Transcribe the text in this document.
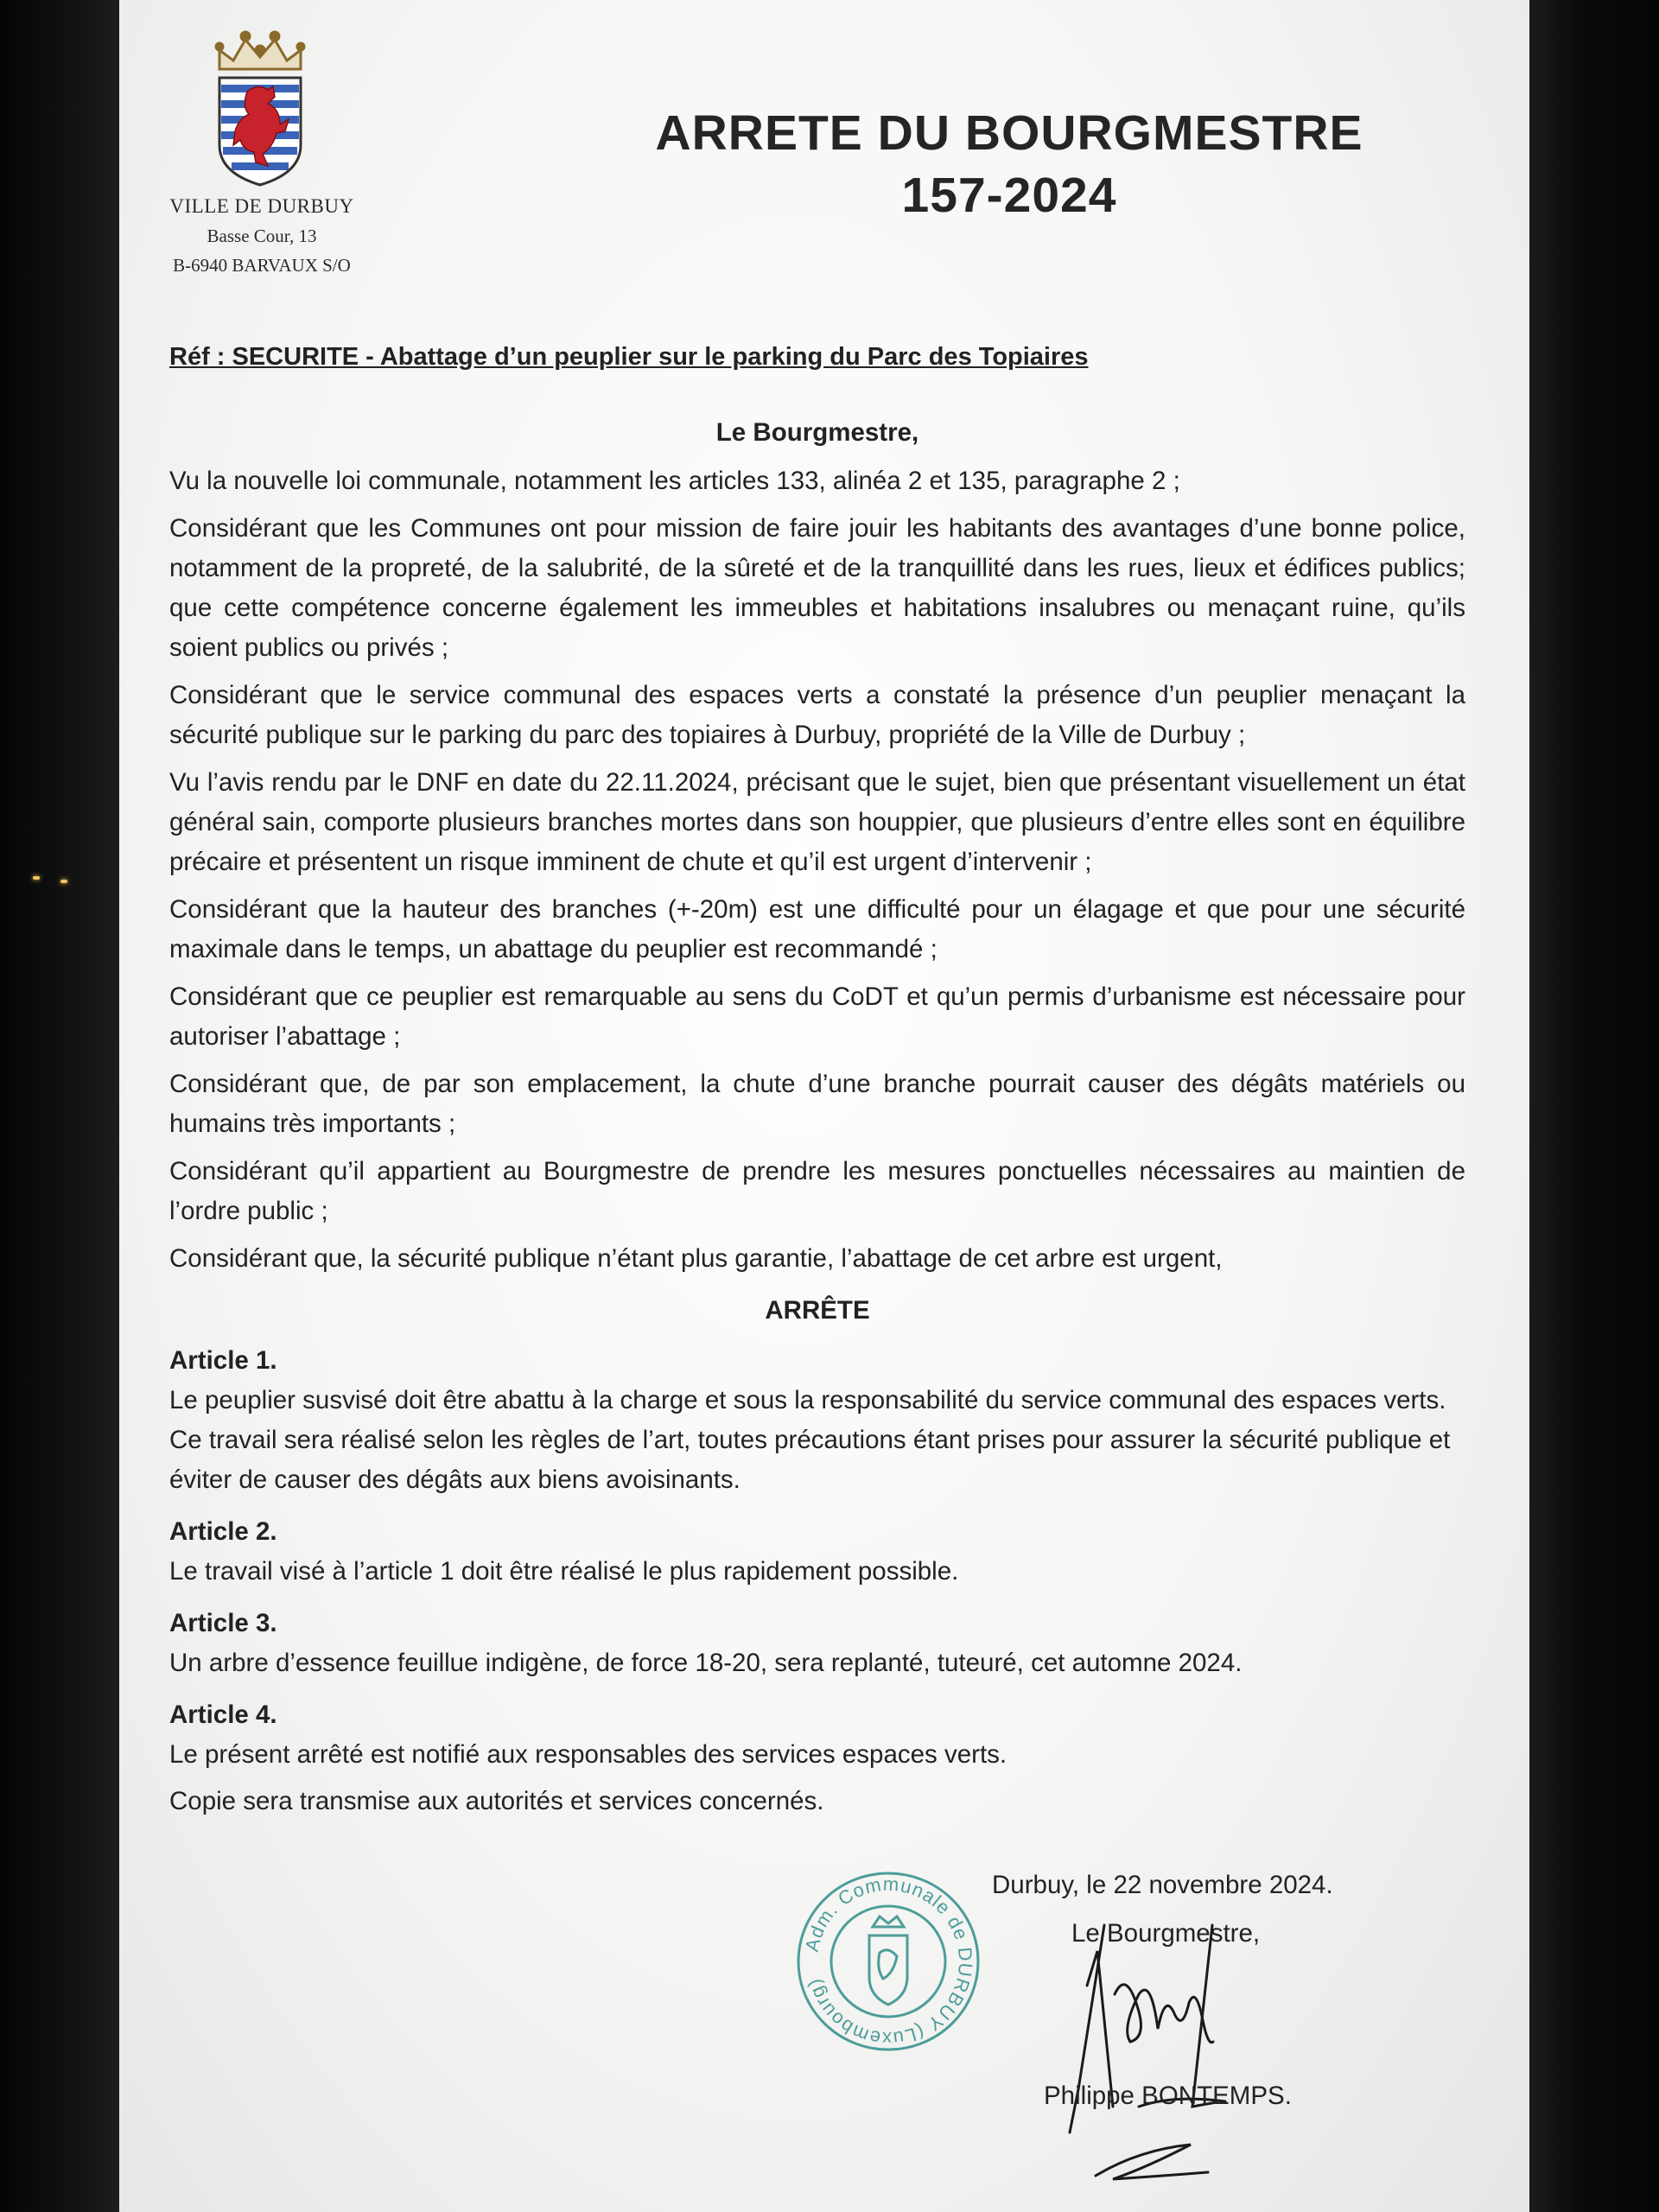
VILLE DE DURBUY
Basse Cour, 13
B-6940 BARVAUX S/O
ARRETE DU BOURGMESTRE
157-2024

Réf : SECURITE - Abattage d’un peuplier sur le parking du Parc des Topiaires

Le Bourgmestre,

Vu la nouvelle loi communale, notamment les articles 133, alinéa 2 et 135, paragraphe 2 ;

Considérant que les Communes ont pour mission de faire jouir les habitants des avantages d’une bonne police, notamment de la propreté, de la salubrité, de la sûreté et de la tranquillité dans les rues, lieux et édifices publics; que cette compétence concerne également les immeubles et habitations insalubres ou menaçant ruine, qu’ils soient publics ou privés ;

Considérant que le service communal des espaces verts a constaté la présence d’un peuplier menaçant la sécurité publique sur le parking du parc des topiaires à Durbuy, propriété de la Ville de Durbuy ;

Vu l’avis rendu par le DNF en date du 22.11.2024, précisant que le sujet, bien que présentant visuellement un état général sain, comporte plusieurs branches mortes dans son houppier, que plusieurs d’entre elles sont en équilibre précaire et présentent un risque imminent de chute et qu’il est urgent d’intervenir ;

Considérant que la hauteur des branches (+-20m) est une difficulté pour un élagage et que pour une sécurité maximale dans le temps, un abattage du peuplier est recommandé ;

Considérant que ce peuplier est remarquable au sens du CoDT et qu’un permis d’urbanisme est nécessaire pour autoriser l’abattage ;

Considérant que, de par son emplacement, la chute d’une branche pourrait causer des dégâts matériels ou humains très importants ;

Considérant qu’il appartient au Bourgmestre de prendre les mesures ponctuelles nécessaires au maintien de l’ordre public ;

Considérant que, la sécurité publique n’étant plus garantie, l’abattage de cet arbre est urgent,

ARRÊTE

Article 1.

Le peuplier susvisé doit être abattu à la charge et sous la responsabilité du service communal des espaces verts.

Ce travail sera réalisé selon les règles de l’art, toutes précautions étant prises pour assurer la sécurité publique et éviter de causer des dégâts aux biens avoisinants.

Article 2.

Le travail visé à l’article 1 doit être réalisé le plus rapidement possible.

Article 3.

Un arbre d’essence feuillue indigène, de force 18-20, sera replanté, tuteuré, cet automne 2024.

Article 4.

Le présent arrêté est notifié aux responsables des services espaces verts.

Copie sera transmise aux autorités et services concernés.

Adm. Communale de DURBUY (Luxembourg)
Durbuy, le 22 novembre 2024.
Le Bourgmestre,
Philippe BONTEMPS.
